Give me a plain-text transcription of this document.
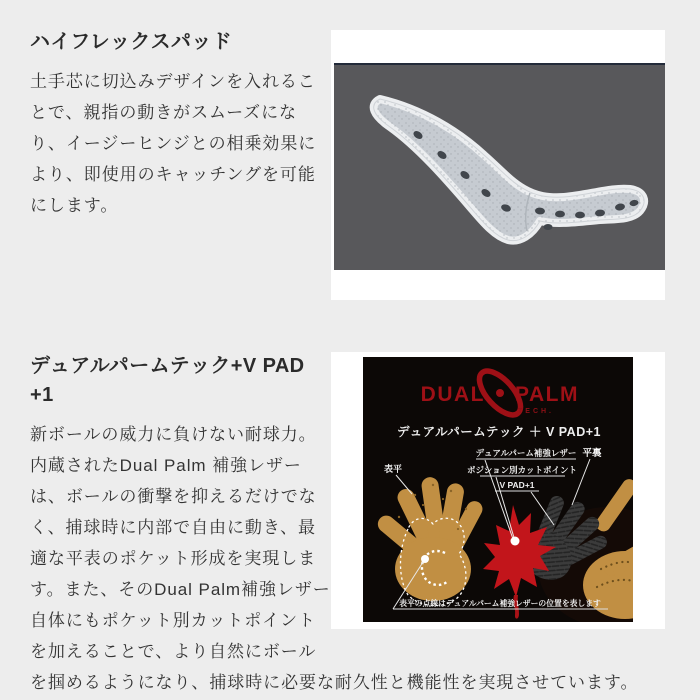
ハイフレックスパッド

土手芯に切込みデザインを入れることで、親指の動きがスムーズになり、イージーヒンジとの相乗効果により、即使用のキャッチングを可能にします。

DUAL PALM
TECH.
デュアルパームテック ＋ V PAD+1
デュアルパーム補強レザー 平裏
ポジション別カットポイント
V PAD+1
表平
表平の点線はデュアルパーム補強レザーの位置を表します
デュアルパームテック+V PAD
+1

新ボールの威力に負けない耐球力。内蔵されたDual Palm 補強レザーは、ボールの衝撃を抑えるだけでなく、捕球時に内部で自由に動き、最適な平表のポケット形成を実現します。また、そのDual Palm補強レザー自体にもポケット別カットポイントを加えることで、より自然にボールを掴めるようになり、捕球時に必要な耐久性と機能性を実現させています。
